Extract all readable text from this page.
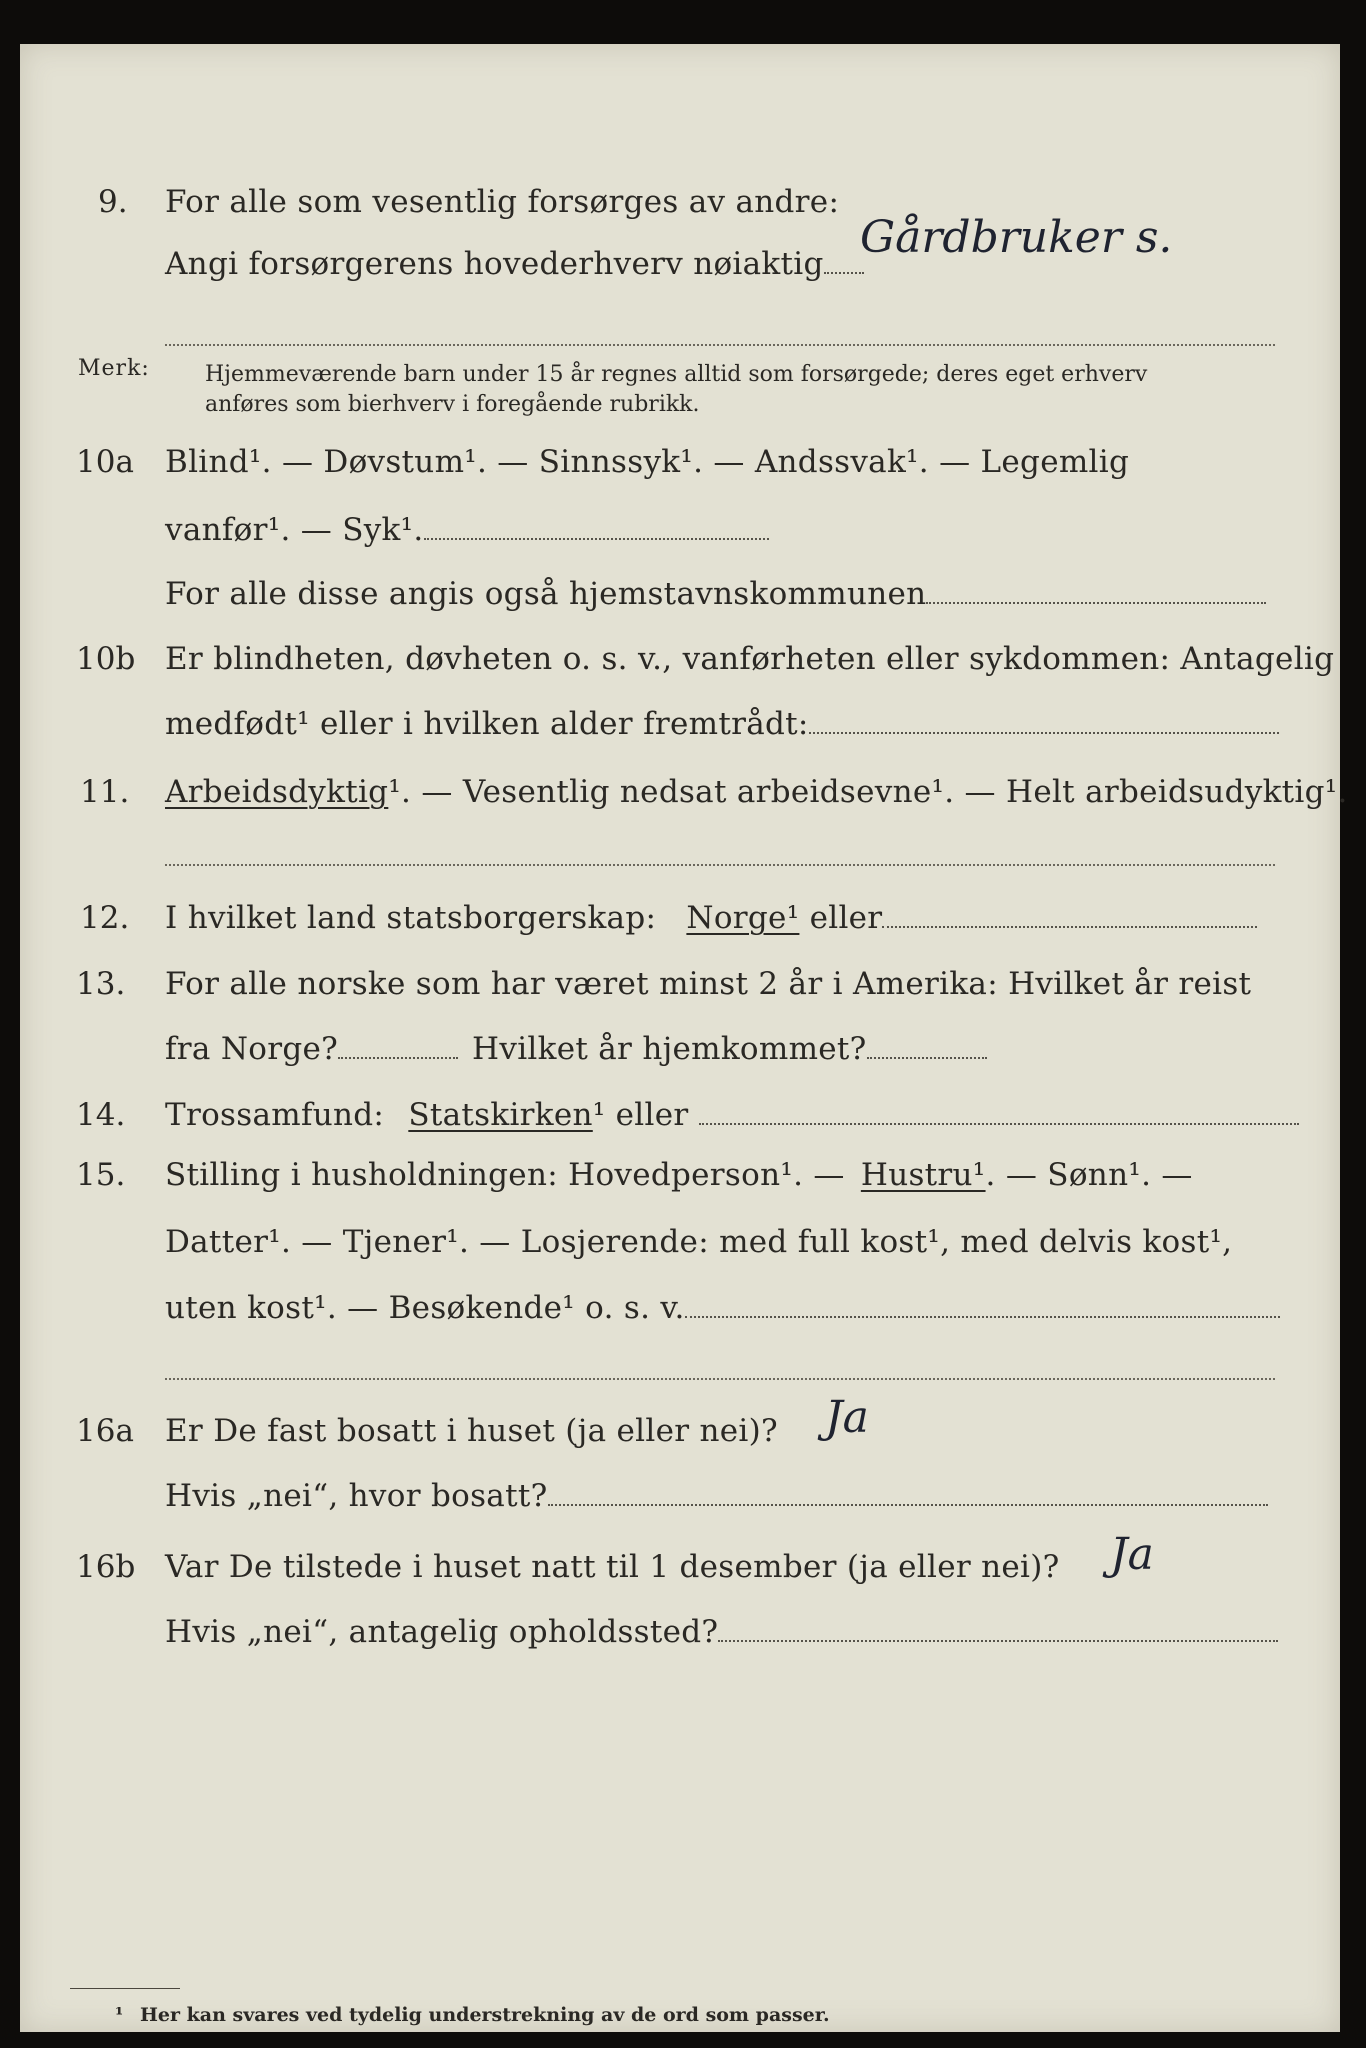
9. For alle som vesentlig forsørges av andre:
Angi forsørgerens hovederhverv nøiaktig
Gårdbruker s.
Merk:	Hjemmeværende barn under 15 år regnes alltid som forsørgede; deres eget erhverv
anføres som bierhverv i foregående rubrikk.
10a Blind¹. — Døvstum¹. — Sinnssyk¹. — Andssvak¹. — Legemlig
vanfør¹. — Syk¹.
For alle disse angis også hjemstavnskommunen
10b Er blindheten, døvheten o. s. v., vanførheten eller sykdommen: Antagelig
medfødt¹ eller i hvilken alder fremtrådt:
11. Arbeidsdyktig¹. — Vesentlig nedsat arbeidsevne¹. — Helt arbeidsudyktig¹.
12. I hvilket land statsborgerskap: Norge¹ eller
13. For alle norske som har været minst 2 år i Amerika: Hvilket år reist
fra Norge?	Hvilket år hjemkommet?
14. Trossamfund: Statskirken¹ eller
15. Stilling i husholdningen: Hovedperson¹. — Hustru¹. — Sønn¹. —
Datter¹. — Tjener¹. — Losjerende: med full kost¹, med delvis kost¹,
uten kost¹. — Besøkende¹ o. s. v.
16a Er De fast bosatt i huset (ja eller nei)? Ja
Hvis „nei“, hvor bosatt?
16b Var De tilstede i huset natt til 1 desember (ja eller nei)? Ja
Hvis „nei“, antagelig opholdssted?
¹ Her kan svares ved tydelig understrekning av de ord som passer.
